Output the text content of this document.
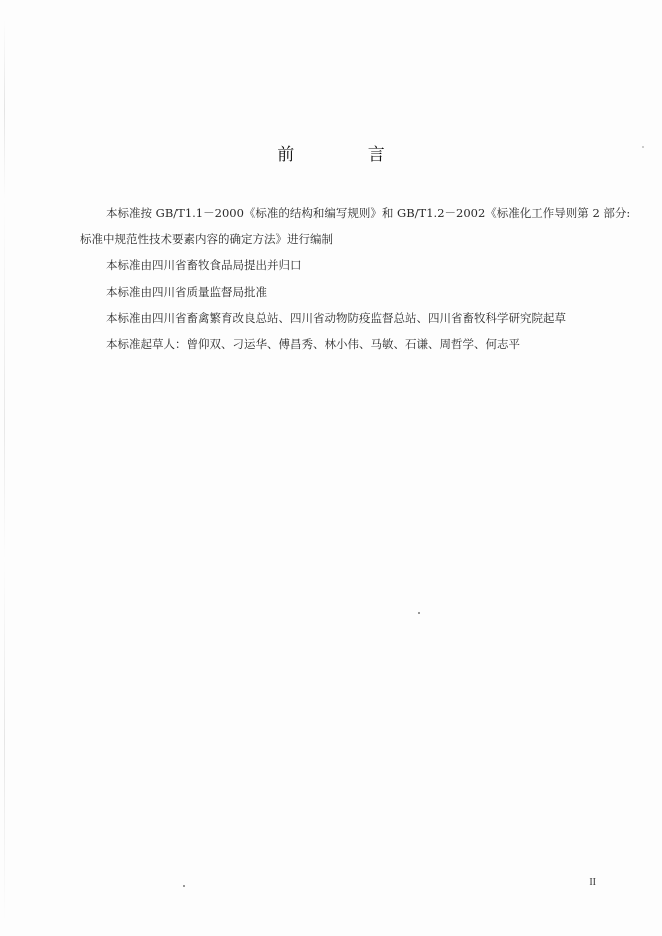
前 言
本标准按 GB/T1.1－2000《标准的结构和编写规则》和 GB/T1.2－2002《标准化工作导则第 2 部分:
标准中规范性技术要素内容的确定方法》进行编制
本标准由四川省畜牧食品局提出并归口
本标准由四川省质量监督局批准
本标准由四川省畜禽繁育改良总站、四川省动物防疫监督总站、四川省畜牧科学研究院起草
本标准起草人：曾仰双、刁运华、傅昌秀、林小伟、马敏、石谦、周哲学、何志平
II
